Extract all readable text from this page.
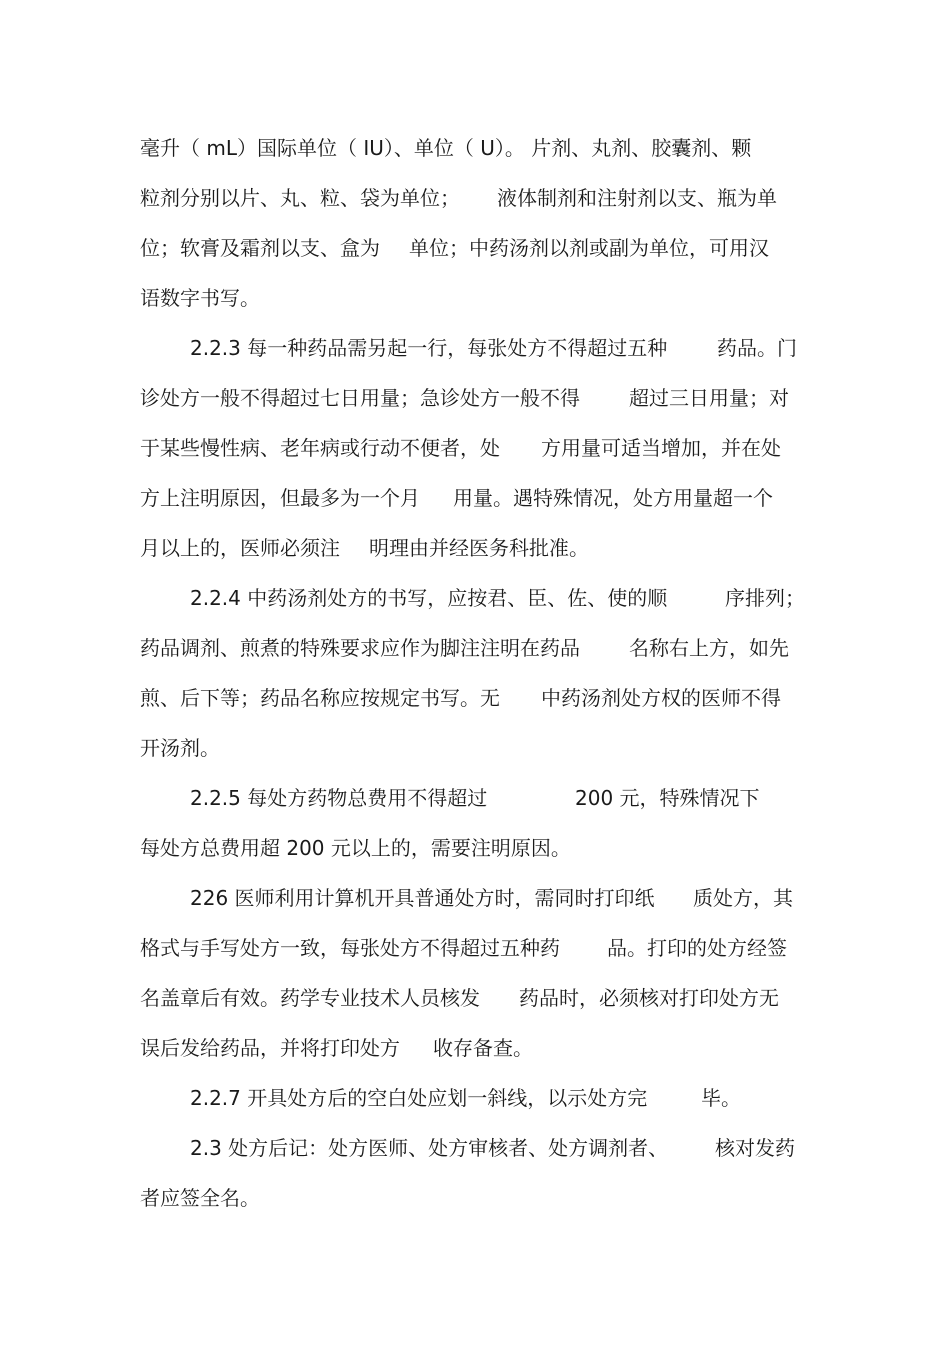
毫升（ mL）国际单位（ IU）、单位（ U）。 片剂、丸剂、胶囊剂、颗
粒剂分别以片、丸、粒、袋为单位； 液体制剂和注射剂以支、瓶为单
位；软膏及霜剂以支、盒为 单位；中药汤剂以剂或副为单位，可用汉
语数字书写。
2.2.3 每一种药品需另起一行，每张处方不得超过五种 药品。门
诊处方一般不得超过七日用量；急诊处方一般不得 超过三日用量；对
于某些慢性病、老年病或行动不便者，处 方用量可适当增加，并在处
方上注明原因，但最多为一个月 用量。遇特殊情况，处方用量超一个
月以上的，医师必须注 明理由并经医务科批准。
2.2.4 中药汤剂处方的书写，应按君、臣、佐、使的顺	序排列；
药品调剂、煎煮的特殊要求应作为脚注注明在药品 名称右上方，如先
煎、后下等；药品名称应按规定书写。无 中药汤剂处方权的医师不得
开汤剂。
2.2.5 每处方药物总费用不得超过	200 元，特殊情况下
每处方总费用超 200 元以上的，需要注明原因。
226 医师利用计算机开具普通处方时，需同时打印纸 质处方，其
格式与手写处方一致，每张处方不得超过五种药 品。打印的处方经签
名盖章后有效。药学专业技术人员核发 药品时，必须核对打印处方无
误后发给药品，并将打印处方 收存备查。
2.2.7 开具处方后的空白处应划一斜线，以示处方完	毕。
2.3 处方后记：处方医师、处方审核者、处方调剂者、 核对发药
者应签全名。
